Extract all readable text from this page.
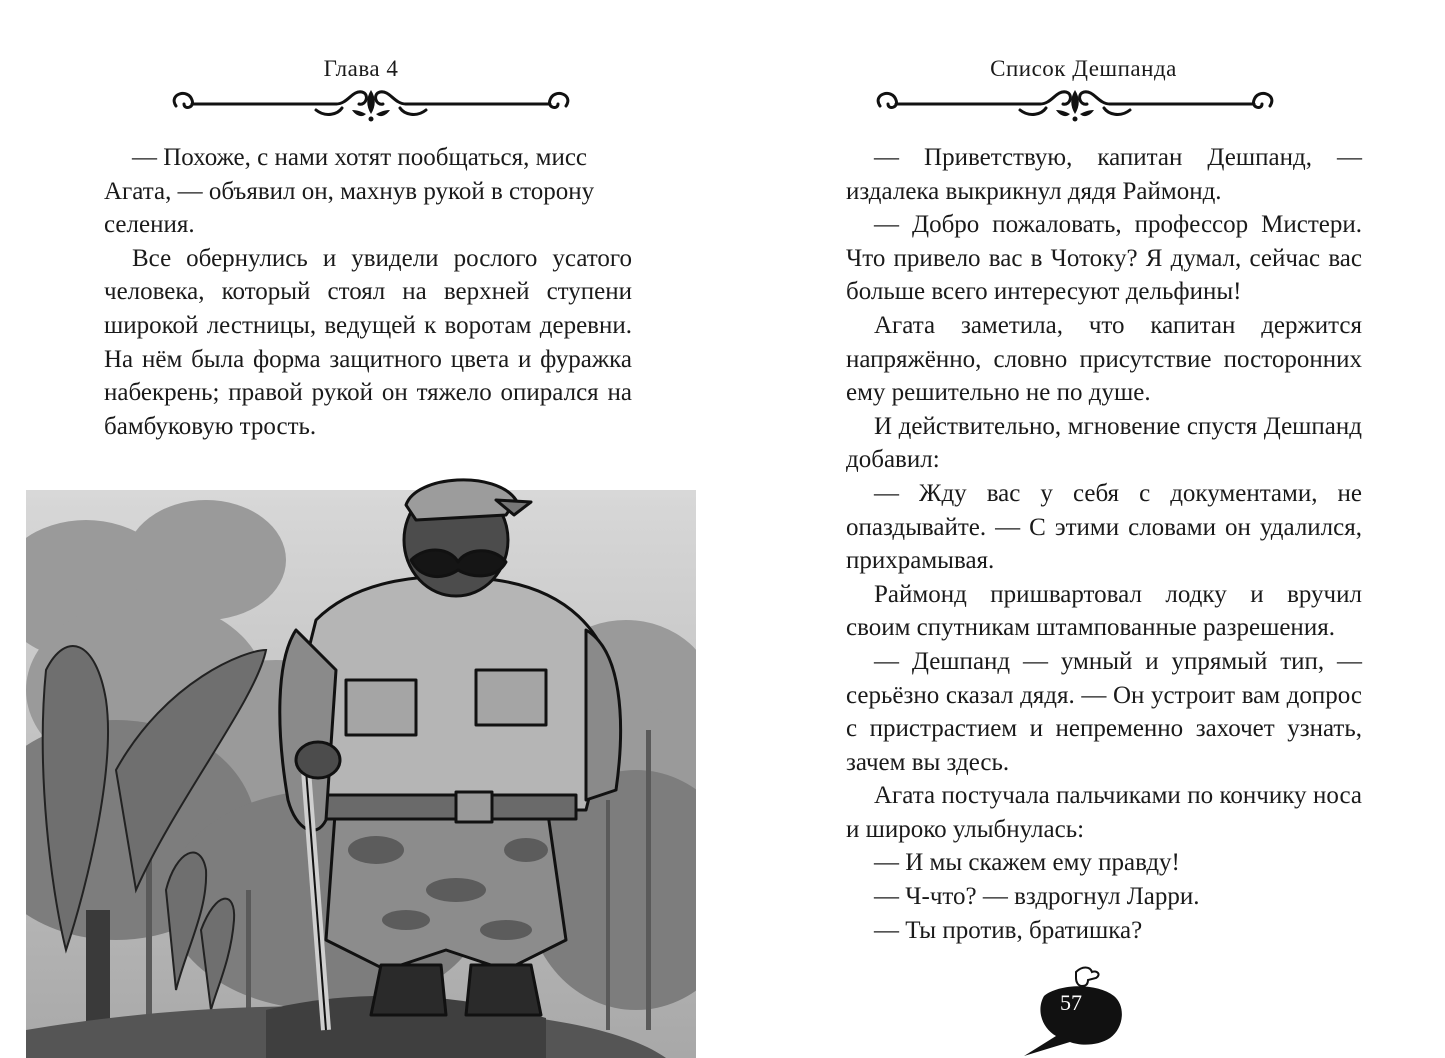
Глава 4

— Похоже, с нами хотят пообщаться, мисс Агата, — объявил он, махнув рукой в сторону селения.

Все обернулись и увидели рослого усатого человека, который стоял на верхней ступени широкой лестницы, ведущей к воротам деревни. На нём была форма защитного цвета и фуражка набекрень; правой рукой он тяжело опирался на бамбуковую трость.

Список Дешпанда

— Приветствую, капитан Дешпанд, — издалека выкрикнул дядя Раймонд.

— Добро пожаловать, профессор Мистери. Что привело вас в Чотоку? Я думал, сейчас вас больше всего интересуют дельфины!

Агата заметила, что капитан держится напряжённо, словно присутствие посторонних ему решительно не по душе.

И действительно, мгновение спустя Дешпанд добавил:

— Жду вас у себя с документами, не опаздывайте. — С этими словами он удалился, прихрамывая.

Раймонд пришвартовал лодку и вручил своим спутникам штампованные разрешения.

— Дешпанд — умный и упрямый тип, — серьёзно сказал дядя. — Он устроит вам допрос с пристрастием и непременно захочет узнать, зачем вы здесь.

Агата постучала пальчиками по кончику носа и широко улыбнулась:

— И мы скажем ему правду!

— Ч-что? — вздрогнул Ларри.

— Ты против, братишка?

57
